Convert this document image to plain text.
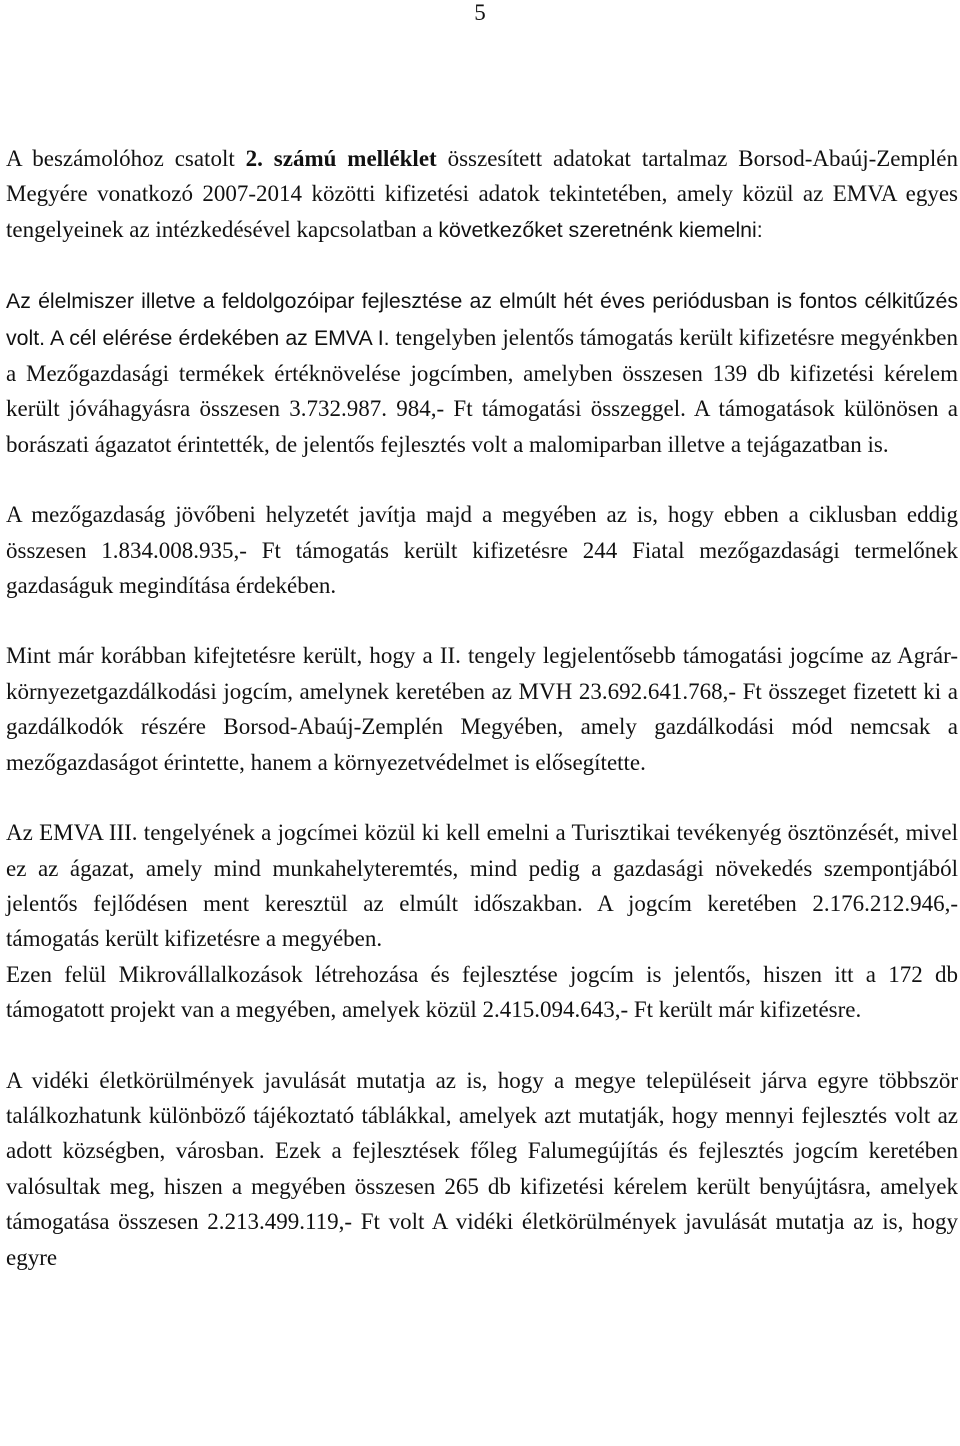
5

A beszámolóhoz csatolt 2. számú melléklet összesített adatokat tartalmaz Borsod-Abaúj-Zemplén Megyére vonatkozó 2007-2014 közötti kifizetési adatok tekintetében, amely közül az EMVA egyes tengelyeinek az intézkedésével kapcsolatban a következőket szeretnénk kiemelni:

Az élelmiszer illetve a feldolgozóipar fejlesztése az elmúlt hét éves periódusban is fontos célkitűzés volt. A cél elérése érdekében az EMVA I. tengelyben jelentős támogatás került kifizetésre megyénkben a Mezőgazdasági termékek értéknövelése jogcímben, amelyben összesen 139 db kifizetési kérelem került jóváhagyásra összesen 3.732.987. 984,- Ft támogatási összeggel. A támogatások különösen a borászati ágazatot érintették, de jelentős fejlesztés volt a malomiparban illetve a tejágazatban is.

A mezőgazdaság jövőbeni helyzetét javítja majd a megyében az is, hogy ebben a ciklusban eddig összesen 1.834.008.935,- Ft támogatás került kifizetésre 244 Fiatal mezőgazdasági termelőnek gazdaságuk megindítása érdekében.

Mint már korábban kifejtetésre került, hogy a II. tengely legjelentősebb támogatási jogcíme az Agrár-környezetgazdálkodási jogcím, amelynek keretében az MVH 23.692.641.768,- Ft összeget fizetett ki a gazdálkodók részére Borsod-Abaúj-Zemplén Megyében, amely gazdálkodási mód nemcsak a mezőgazdaságot érintette, hanem a környezetvédelmet is elősegítette.

Az EMVA III. tengelyének a jogcímei közül ki kell emelni a Turisztikai tevékenyég ösztönzését, mivel ez az ágazat, amely mind munkahelyteremtés, mind pedig a gazdasági növekedés szempontjából jelentős fejlődésen ment keresztül az elmúlt időszakban. A jogcím keretében 2.176.212.946,- támogatás került kifizetésre a megyében.

Ezen felül Mikrovállalkozások létrehozása és fejlesztése jogcím is jelentős, hiszen itt a 172 db támogatott projekt van a megyében, amelyek közül 2.415.094.643,- Ft került már kifizetésre.

A vidéki életkörülmények javulását mutatja az is, hogy a megye településeit járva egyre többször találkozhatunk különböző tájékoztató táblákkal, amelyek azt mutatják, hogy mennyi fejlesztés volt az adott községben, városban. Ezek a fejlesztések főleg Falumegújítás és fejlesztés jogcím keretében valósultak meg, hiszen a megyében összesen 265 db kifizetési kérelem került benyújtásra, amelyek támogatása összesen 2.213.499.119,- Ft volt A vidéki életkörülmények javulását mutatja az is, hogy egyre
